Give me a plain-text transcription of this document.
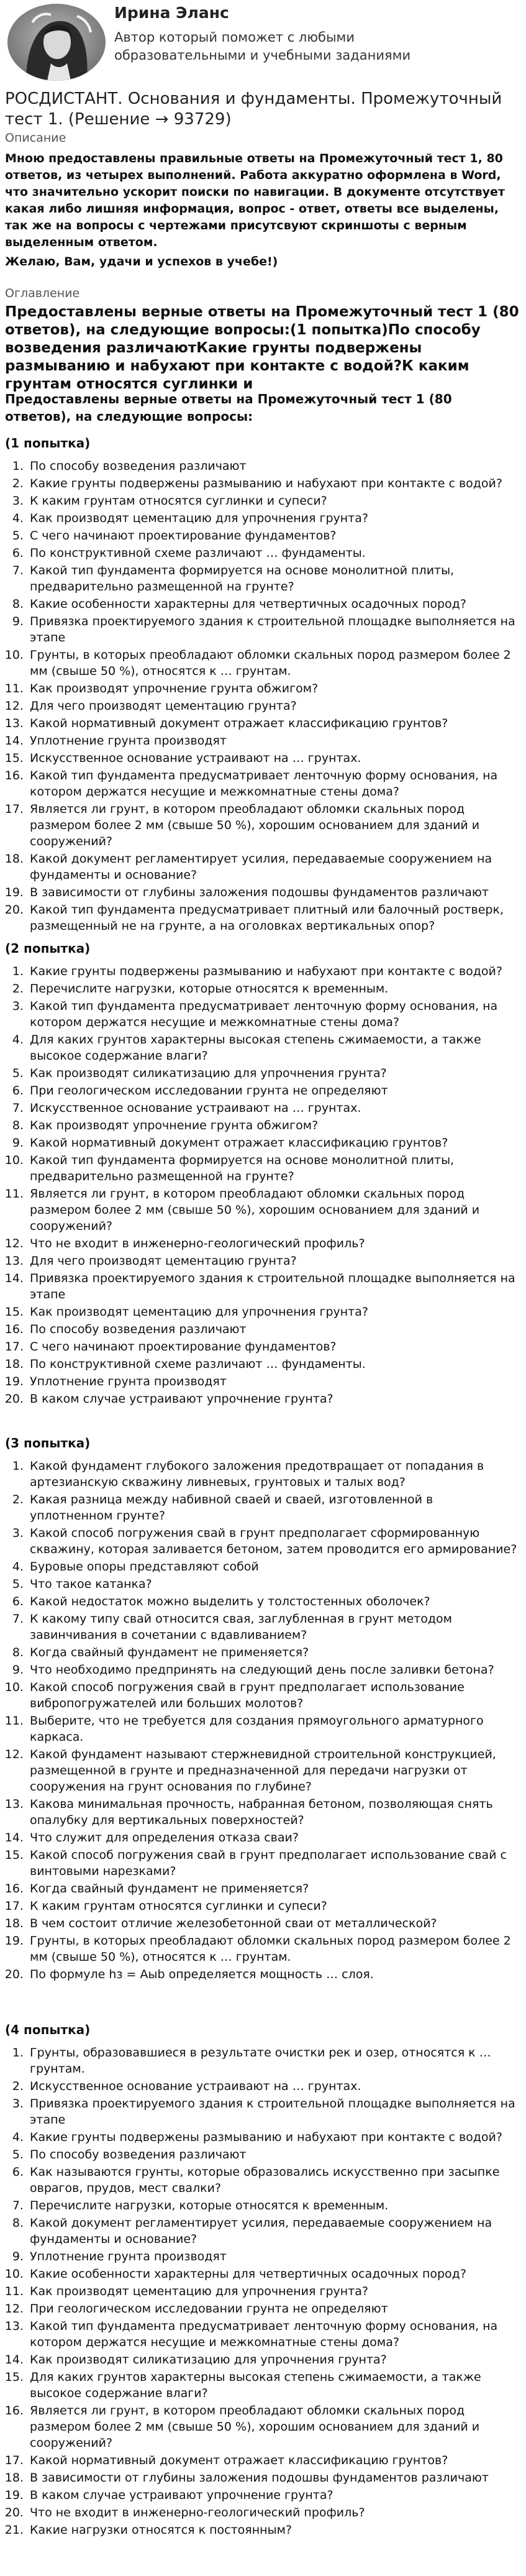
Ирина Эланс
Автор который поможет с любыми образовательными и учебными заданиями
РОСДИСТАНТ. Основания и фундаменты. Промежуточный тест 1. (Решение → 93729)
Описание
Мною предоставлены правильные ответы на Промежуточный тест 1, 80 ответов, из четырех выполнений. Работа аккуратно оформлена в Word, что значительно ускорит поиски по навигации. В документе отсутствует какая либо лишняя информация, вопрос - ответ, ответы все выделены, так же на вопросы с чертежами присутсвуют скриншоты с верным выделенным ответом.
Желаю, Вам, удачи и успехов в учебе!)
Оглавление
Предоставлены верные ответы на Промежуточный тест 1 (80 ответов), на следующие вопросы:(1 попытка)По способу возведения различаютКакие грунты подвержены размыванию и набухают при контакте с водой?К каким грунтам относятся суглинки и
Предоставлены верные ответы на Промежуточный тест 1 (80 ответов), на следующие вопросы:
(1 попытка)
1. По способу возведения различают
2. Какие грунты подвержены размыванию и набухают при контакте с водой?
3. К каким грунтам относятся суглинки и супеси?
4. Как производят цементацию для упрочнения грунта?
5. С чего начинают проектирование фундаментов?
6. По конструктивной схеме различают … фундаменты.
7. Какой тип фундамента формируется на основе монолитной плиты, предварительно размещенной на грунте?
8. Какие особенности характерны для четвертичных осадочных пород?
9. Привязка проектируемого здания к строительной площадке выполняется на этапе
10. Грунты, в которых преобладают обломки скальных пород размером более 2 мм (свыше 50 %), относятся к … грунтам.
11. Как производят упрочнение грунта обжигом?
12. Для чего производят цементацию грунта?
13. Какой нормативный документ отражает классификацию грунтов?
14. Уплотнение грунта производят
15. Искусственное основание устраивают на … грунтах.
16. Какой тип фундамента предусматривает ленточную форму основания, на котором держатся несущие и межкомнатные стены дома?
17. Является ли грунт, в котором преобладают обломки скальных пород размером более 2 мм (свыше 50 %), хорошим основанием для зданий и сооружений?
18. Какой документ регламентирует усилия, передаваемые сооружением на фундаменты и основание?
19. В зависимости от глубины заложения подошвы фундаментов различают
20. Какой тип фундамента предусматривает плитный или балочный ростверк, размещенный не на грунте, а на оголовках вертикальных опор?
(2 попытка)
1. Какие грунты подвержены размыванию и набухают при контакте с водой?
2. Перечислите нагрузки, которые относятся к временным.
3. Какой тип фундамента предусматривает ленточную форму основания, на котором держатся несущие и межкомнатные стены дома?
4. Для каких грунтов характерны высокая степень сжимаемости, а также высокое содержание влаги?
5. Как производят силикатизацию для упрочнения грунта?
6. При геологическом исследовании грунта не определяют
7. Искусственное основание устраивают на … грунтах.
8. Как производят упрочнение грунта обжигом?
9. Какой нормативный документ отражает классификацию грунтов?
10. Какой тип фундамента формируется на основе монолитной плиты, предварительно размещенной на грунте?
11. Является ли грунт, в котором преобладают обломки скальных пород размером более 2 мм (свыше 50 %), хорошим основанием для зданий и сооружений?
12. Что не входит в инженерно-геологический профиль?
13. Для чего производят цементацию грунта?
14. Привязка проектируемого здания к строительной площадке выполняется на этапе
15. Как производят цементацию для упрочнения грунта?
16. По способу возведения различают
17. С чего начинают проектирование фундаментов?
18. По конструктивной схеме различают … фундаменты.
19. Уплотнение грунта производят
20. В каком случае устраивают упрочнение грунта?
(3 попытка)
1. Какой фундамент глубокого заложения предотвращает от попадания в артезианскую скважину ливневых, грунтовых и талых вод?
2. Какая разница между набивной сваей и сваей, изготовленной в уплотненном грунте?
3. Какой способ погружения свай в грунт предполагает сформированную скважину, которая заливается бетоном, затем проводится его армирование?
4. Буровые опоры представляют собой
5. Что такое катанка?
6. Какой недостаток можно выделить у толстостенных оболочек?
7. К какому типу свай относится свая, заглубленная в грунт методом завинчивания в сочетании с вдавливанием?
8. Когда свайный фундамент не применяется?
9. Что необходимо предпринять на следующий день после заливки бетона?
10. Какой способ погружения свай в грунт предполагает использование вибропогружателей или больших молотов?
11. Выберите, что не требуется для создания прямоугольного арматурного каркаса.
12. Какой фундамент называют стержневидной строительной конструкцией, размещенной в грунте и предназначенной для передачи нагрузки от сооружения на грунт основания по глубине?
13. Какова минимальная прочность, набранная бетоном, позволяющая снять опалубку для вертикальных поверхностей?
14. Что служит для определения отказа сваи?
15. Какой способ погружения свай в грунт предполагает использование свай с винтовыми нарезками?
16. Когда свайный фундамент не применяется?
17. К каким грунтам относятся суглинки и супеси?
18. В чем состоит отличие железобетонной сваи от металлической?
19. Грунты, в которых преобладают обломки скальных пород размером более 2 мм (свыше 50 %), относятся к … грунтам.
20. По формуле hз = Aыb определяется мощность … слоя.
(4 попытка)
1. Грунты, образовавшиеся в результате очистки рек и озер, относятся к … грунтам.
2. Искусственное основание устраивают на … грунтах.
3. Привязка проектируемого здания к строительной площадке выполняется на этапе
4. Какие грунты подвержены размыванию и набухают при контакте с водой?
5. По способу возведения различают
6. Как называются грунты, которые образовались искусственно при засыпке оврагов, прудов, мест свалки?
7. Перечислите нагрузки, которые относятся к временным.
8. Какой документ регламентирует усилия, передаваемые сооружением на фундаменты и основание?
9. Уплотнение грунта производят
10. Какие особенности характерны для четвертичных осадочных пород?
11. Как производят цементацию для упрочнения грунта?
12. При геологическом исследовании грунта не определяют
13. Какой тип фундамента предусматривает ленточную форму основания, на котором держатся несущие и межкомнатные стены дома?
14. Как производят силикатизацию для упрочнения грунта?
15. Для каких грунтов характерны высокая степень сжимаемости, а также высокое содержание влаги?
16. Является ли грунт, в котором преобладают обломки скальных пород размером более 2 мм (свыше 50 %), хорошим основанием для зданий и сооружений?
17. Какой нормативный документ отражает классификацию грунтов?
18. В зависимости от глубины заложения подошвы фундаментов различают
19. В каком случае устраивают упрочнение грунта?
20. Что не входит в инженерно-геологический профиль?
21. Какие нагрузки относятся к постоянным?
